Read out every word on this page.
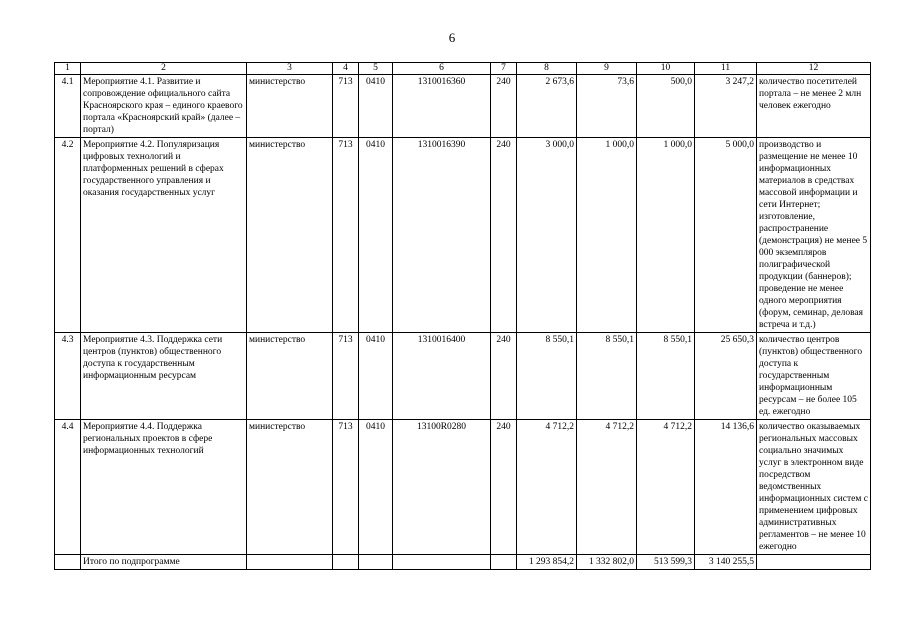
6
1	2	3	4	5	6	7	8	9	10	11	12
4.1	Мероприятие 4.1. Развитие и сопровождение официального сайта Красноярского края – единого краевого портала «Красноярский край» (далее – портал)	министерство	713	0410	1310016360	240	2 673,6	73,6	500,0	3 247,2	количество посетителей портала – не менее 2 млн человек ежегодно
4.2	Мероприятие 4.2. Популяризация цифровых технологий и платформенных решений в сферах государственного управления и оказания государственных услуг	министерство	713	0410	1310016390	240	3 000,0	1 000,0	1 000,0	5 000,0	производство и размещение не менее 10 информационных материалов в средствах массовой информации и сети Интернет; изготовление, распространение (демонстрация) не менее 5 000 экземпляров полиграфической продукции (баннеров); проведение не менее одного мероприятия (форум, семинар, деловая встреча и т.д.)
4.3	Мероприятие 4.3. Поддержка сети центров (пунктов) общественного доступа к государственным информационным ресурсам	министерство	713	0410	1310016400	240	8 550,1	8 550,1	8 550,1	25 650,3	количество центров (пунктов) общественного доступа к государственным информационным ресурсам – не более 105 ед. ежегодно
4.4	Мероприятие 4.4. Поддержка региональных проектов в сфере информационных технологий	министерство	713	0410	13100R0280	240	4 712,2	4 712,2	4 712,2	14 136,6	количество оказываемых региональных массовых социально значимых услуг в электронном виде посредством ведомственных информационных систем с применением цифровых административных регламентов – не менее 10 ежегодно
	Итого по подпрограмме						1 293 854,2	1 332 802,0	513 599,3	3 140 255,5	
